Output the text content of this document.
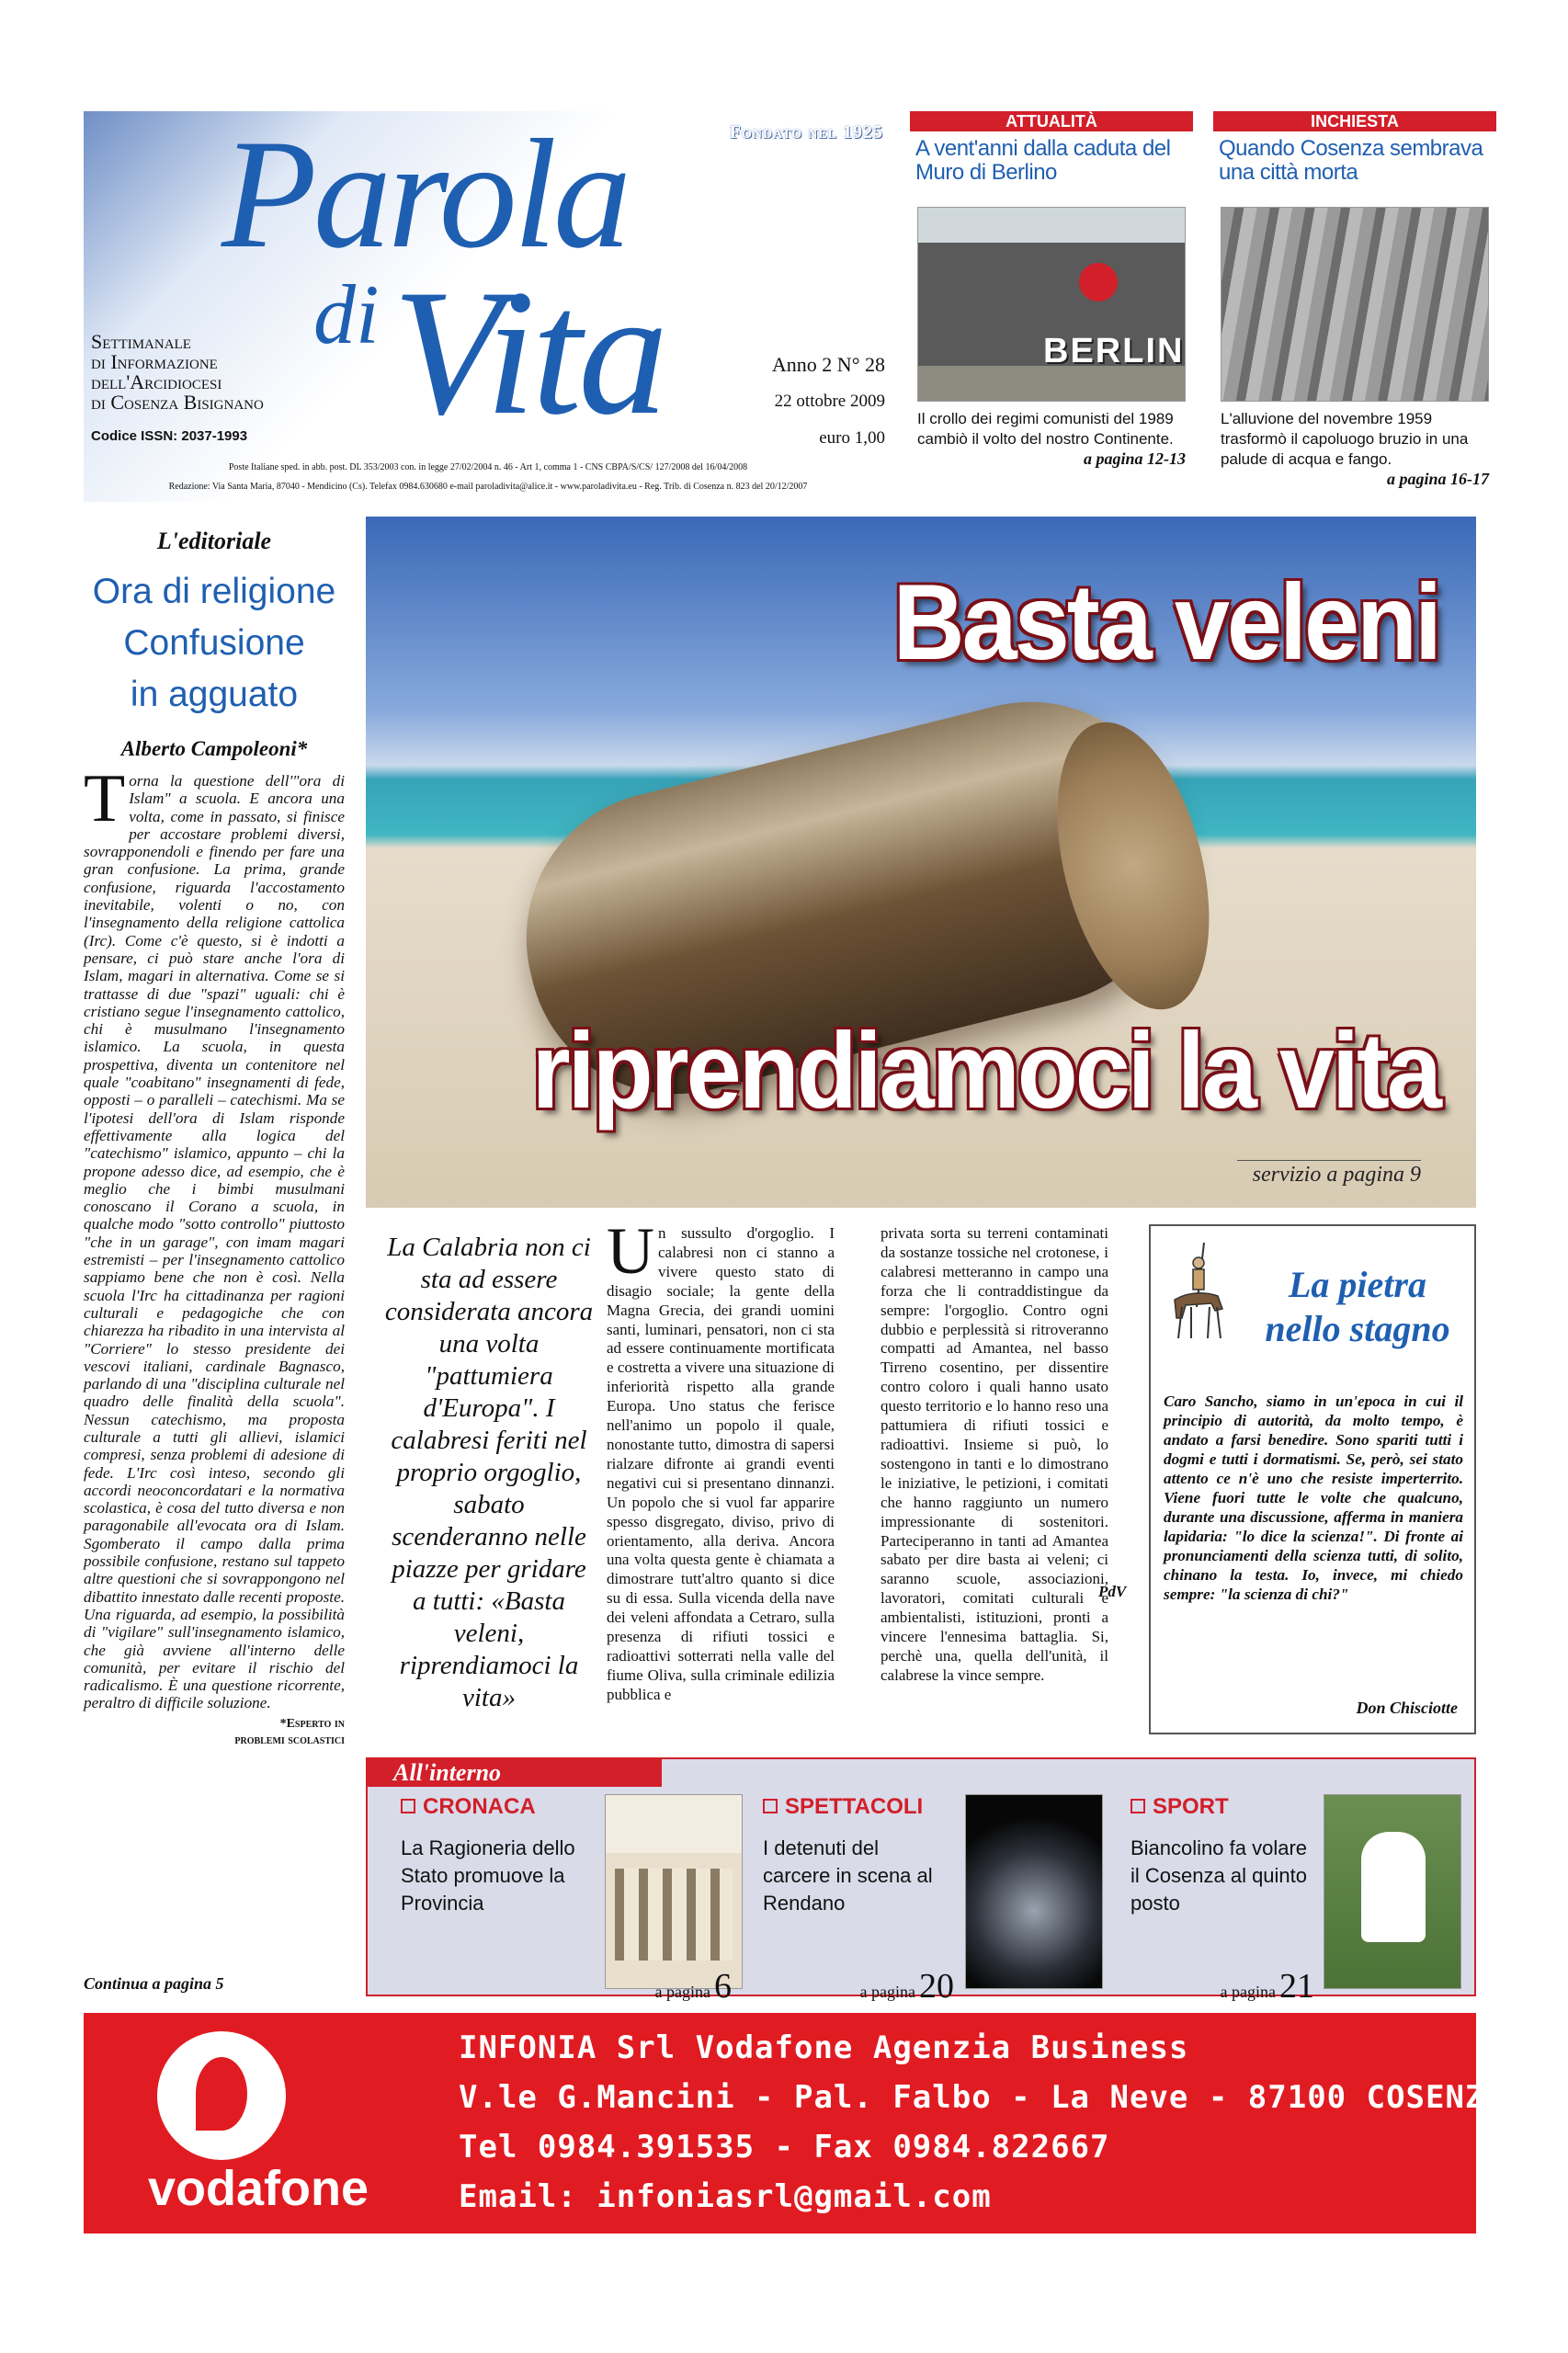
Fondato nel 1925
Parola
di Vita
Settimanale
di Informazione
dell'Arcidiocesi
di Cosenza Bisignano
Codice ISSN: 2037-1993
Anno 2 N° 28
22 ottobre 2009
euro 1,00
Poste Italiane sped. in abb. post. DL 353/2003 con. in legge 27/02/2004 n. 46 - Art 1, comma 1 - CNS CBPA/S/CS/ 127/2008 del 16/04/2008
Redazione: Via Santa Maria, 87040 - Mendicino (Cs). Telefax 0984.630680 e-mail paroladivita@alice.it - www.paroladivita.eu - Reg. Trib. di Cosenza n. 823 del 20/12/2007
ATTUALITÀ
A vent'anni dalla caduta del Muro di Berlino
BERLIN
Il crollo dei regimi comunisti del 1989 cambiò il volto del nostro Continente.
a pagina 12-13
INCHIESTA
Quando Cosenza sembrava una città morta
L'alluvione del novembre 1959 trasformò il capoluogo bruzio in una palude di acqua e fango.
a pagina 16-17
L'editoriale
Ora di religione
Confusione
in agguato
Alberto Campoleoni*
Torna la questione dell'"ora di Islam" a scuola. E ancora una volta, come in passato, si finisce per accostare problemi diversi, sovrapponendoli e finendo per fare una gran confusione. La prima, grande confusione, riguarda l'accostamento inevitabile, volenti o no, con l'insegnamento della religione cattolica (Irc). Come c'è questo, si è indotti a pensare, ci può stare anche l'ora di Islam, magari in alternativa. Come se si trattasse di due "spazi" uguali: chi è cristiano segue l'insegnamento cattolico, chi è musulmano l'insegnamento islamico. La scuola, in questa prospettiva, diventa un contenitore nel quale "coabitano" insegnamenti di fede, opposti – o paralleli – catechismi. Ma se l'ipotesi dell'ora di Islam risponde effettivamente alla logica del "catechismo" islamico, appunto – chi la propone adesso dice, ad esempio, che è meglio che i bimbi musulmani conoscano il Corano a scuola, in qualche modo "sotto controllo" piuttosto "che in un garage", con imam magari estremisti – per l'insegnamento cattolico sappiamo bene che non è così. Nella scuola l'Irc ha cittadinanza per ragioni culturali e pedagogiche che con chiarezza ha ribadito in una intervista al "Corriere" lo stesso presidente dei vescovi italiani, cardinale Bagnasco, parlando di una "disciplina culturale nel quadro delle finalità della scuola". Nessun catechismo, ma proposta culturale a tutti gli allievi, islamici compresi, senza problemi di adesione di fede. L'Irc così inteso, secondo gli accordi neoconcordatari e la normativa scolastica, è cosa del tutto diversa e non paragonabile all'evocata ora di Islam. Sgomberato il campo dalla prima possibile confusione, restano sul tappeto altre questioni che si sovrappongono nel dibattito innestato dalle recenti proposte. Una riguarda, ad esempio, la possibilità di "vigilare" sull'insegnamento islamico, che già avviene all'interno delle comunità, per evitare il rischio del radicalismo. È una questione ricorrente, peraltro di difficile soluzione.
*Esperto in
problemi scolastici
Continua a pagina 5
Basta veleni
riprendiamoci la vita
servizio a pagina 9
La Calabria non ci sta ad essere considerata ancora una volta "pattumiera d'Europa". I calabresi feriti nel proprio orgoglio, sabato scenderanno nelle piazze per gridare a tutti: «Basta veleni, riprendiamoci la vita»
Un sussulto d'orgoglio. I calabresi non ci stanno a vivere questo stato di disagio sociale; la gente della Magna Grecia, dei grandi uomini santi, luminari, pensatori, non ci sta ad essere continuamente mortificata e costretta a vivere una situazione di inferiorità rispetto alla grande Europa. Uno status che ferisce nell'animo un popolo il quale, nonostante tutto, dimostra di sapersi rialzare difronte ai grandi eventi negativi cui si presentano dinnanzi. Un popolo che si vuol far apparire spesso disgregato, diviso, privo di orientamento, alla deriva. Ancora una volta questa gente è chiamata a dimostrare tutt'altro quanto si dice su di essa. Sulla vicenda della nave dei veleni affondata a Cetraro, sulla presenza di rifiuti tossici e radioattivi sotterrati nella valle del fiume Oliva, sulla criminale edilizia pubblica e
privata sorta su terreni contaminati da sostanze tossiche nel crotonese, i calabresi metteranno in campo una forza che li contraddistingue da sempre: l'orgoglio. Contro ogni dubbio e perplessità si ritroveranno compatti ad Amantea, nel basso Tirreno cosentino, per dissentire contro coloro i quali hanno usato questo territorio e lo hanno reso una pattumiera di rifiuti tossici e radioattivi. Insieme si può, lo sostengono in tanti e lo dimostrano le iniziative, le petizioni, i comitati che hanno raggiunto un numero impressionante di sostenitori. Parteciperanno in tanti ad Amantea sabato per dire basta ai veleni; ci saranno scuole, associazioni, lavoratori, comitati culturali e ambientalisti, istituzioni, pronti a vincere l'ennesima battaglia. Si, perchè una, quella dell'unità, il calabrese la vince sempre.
PdV
La pietra
nello stagno
Caro Sancho, siamo in un'epoca in cui il principio di autorità, da molto tempo, è andato a farsi benedire. Sono spariti tutti i dogmi e tutti i dormatismi. Se, però, sei stato attento ce n'è uno che resiste imperterrito. Viene fuori tutte le volte che qualcuno, durante una discussione, afferma in maniera lapidaria: "lo dice la scienza!". Di fronte ai pronunciamenti della scienza tutti, di solito, chinano la testa. Io, invece, mi chiedo sempre: "la scienza di chi?"
Don Chisciotte
All'interno
CRONACA
La Ragioneria dello Stato promuove la Provincia
a pagina 6
SPETTACOLI
I detenuti del carcere in scena al Rendano
a pagina 20
SPORT
Biancolino fa volare il Cosenza al quinto posto
a pagina 21
vodafone
INFONIA Srl Vodafone Agenzia Business
V.le G.Mancini - Pal. Falbo - La Neve - 87100 COSENZA
Tel 0984.391535 - Fax 0984.822667
Email: infoniasrl@gmail.com
